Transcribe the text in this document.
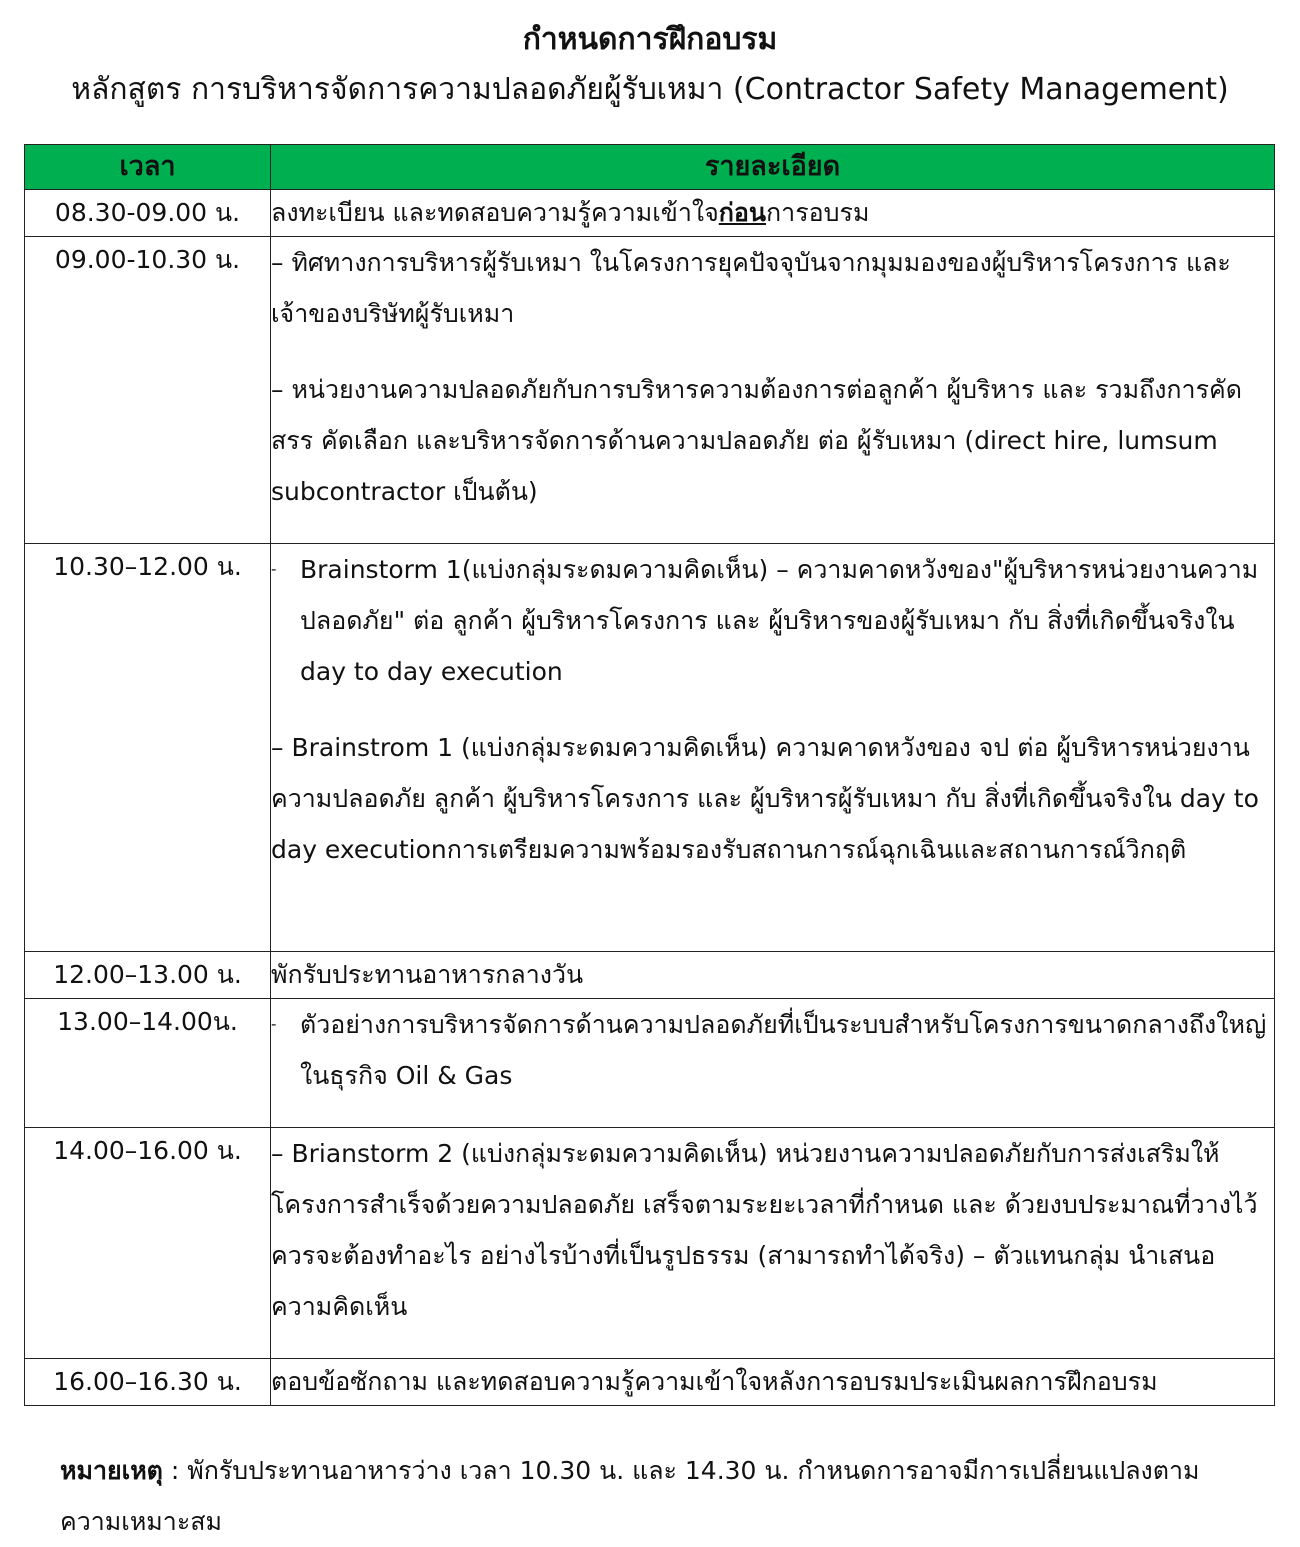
กำหนดการฝึกอบรม
หลักสูตร การบริหารจัดการความปลอดภัยผู้รับเหมา (Contractor Safety Management)
เวลา	รายละเอียด
08.30-09.00 น.	ลงทะเบียน และทดสอบความรู้ความเข้าใจก่อนการอบรม
09.00-10.30 น.	– ทิศทางการบริหารผู้รับเหมา ในโครงการยุคปัจจุบันจากมุมมองของผู้บริหารโครงการ และ เจ้าของบริษัทผู้รับเหมา

– หน่วยงานความปลอดภัยกับการบริหารความต้องการต่อลูกค้า ผู้บริหาร และ รวมถึงการคัดสรร คัดเลือก และบริหารจัดการด้านความปลอดภัย ต่อ ผู้รับเหมา (direct hire, lumsum subcontractor เป็นต้น)

10.30–12.00 น.	- Brainstorm 1(แบ่งกลุ่มระดมความคิดเห็น) – ความคาดหวังของ"ผู้บริหารหน่วยงานความปลอดภัย" ต่อ ลูกค้า ผู้บริหารโครงการ และ ผู้บริหารของผู้รับเหมา กับ สิ่งที่เกิดขึ้นจริงใน day to day execution

– Brainstrom 1 (แบ่งกลุ่มระดมความคิดเห็น) ความคาดหวังของ จป ต่อ ผู้บริหารหน่วยงานความปลอดภัย ลูกค้า ผู้บริหารโครงการ และ ผู้บริหารผู้รับเหมา กับ สิ่งที่เกิดขึ้นจริงใน day to day executionการเตรียมความพร้อมรองรับสถานการณ์ฉุกเฉินและสถานการณ์วิกฤติ

12.00–13.00 น.	พักรับประทานอาหารกลางวัน
13.00–14.00น.	- ตัวอย่างการบริหารจัดการด้านความปลอดภัยที่เป็นระบบสำหรับโครงการขนาดกลางถึงใหญ่ ในธุรกิจ Oil & Gas

14.00–16.00 น.	– Brianstorm 2 (แบ่งกลุ่มระดมความคิดเห็น) หน่วยงานความปลอดภัยกับการส่งเสริมให้โครงการสำเร็จด้วยความปลอดภัย เสร็จตามระยะเวลาที่กำหนด และ ด้วยงบประมาณที่วางไว้ ควรจะต้องทำอะไร อย่างไรบ้างที่เป็นรูปธรรม (สามารถทำได้จริง) – ตัวแทนกลุ่ม นำเสนอความคิดเห็น

16.00–16.30 น.	ตอบข้อซักถาม และทดสอบความรู้ความเข้าใจหลังการอบรมประเมินผลการฝึกอบรม
หมายเหตุ : พักรับประทานอาหารว่าง เวลา 10.30 น. และ 14.30 น. กำหนดการอาจมีการเปลี่ยนแปลงตามความเหมาะสม
